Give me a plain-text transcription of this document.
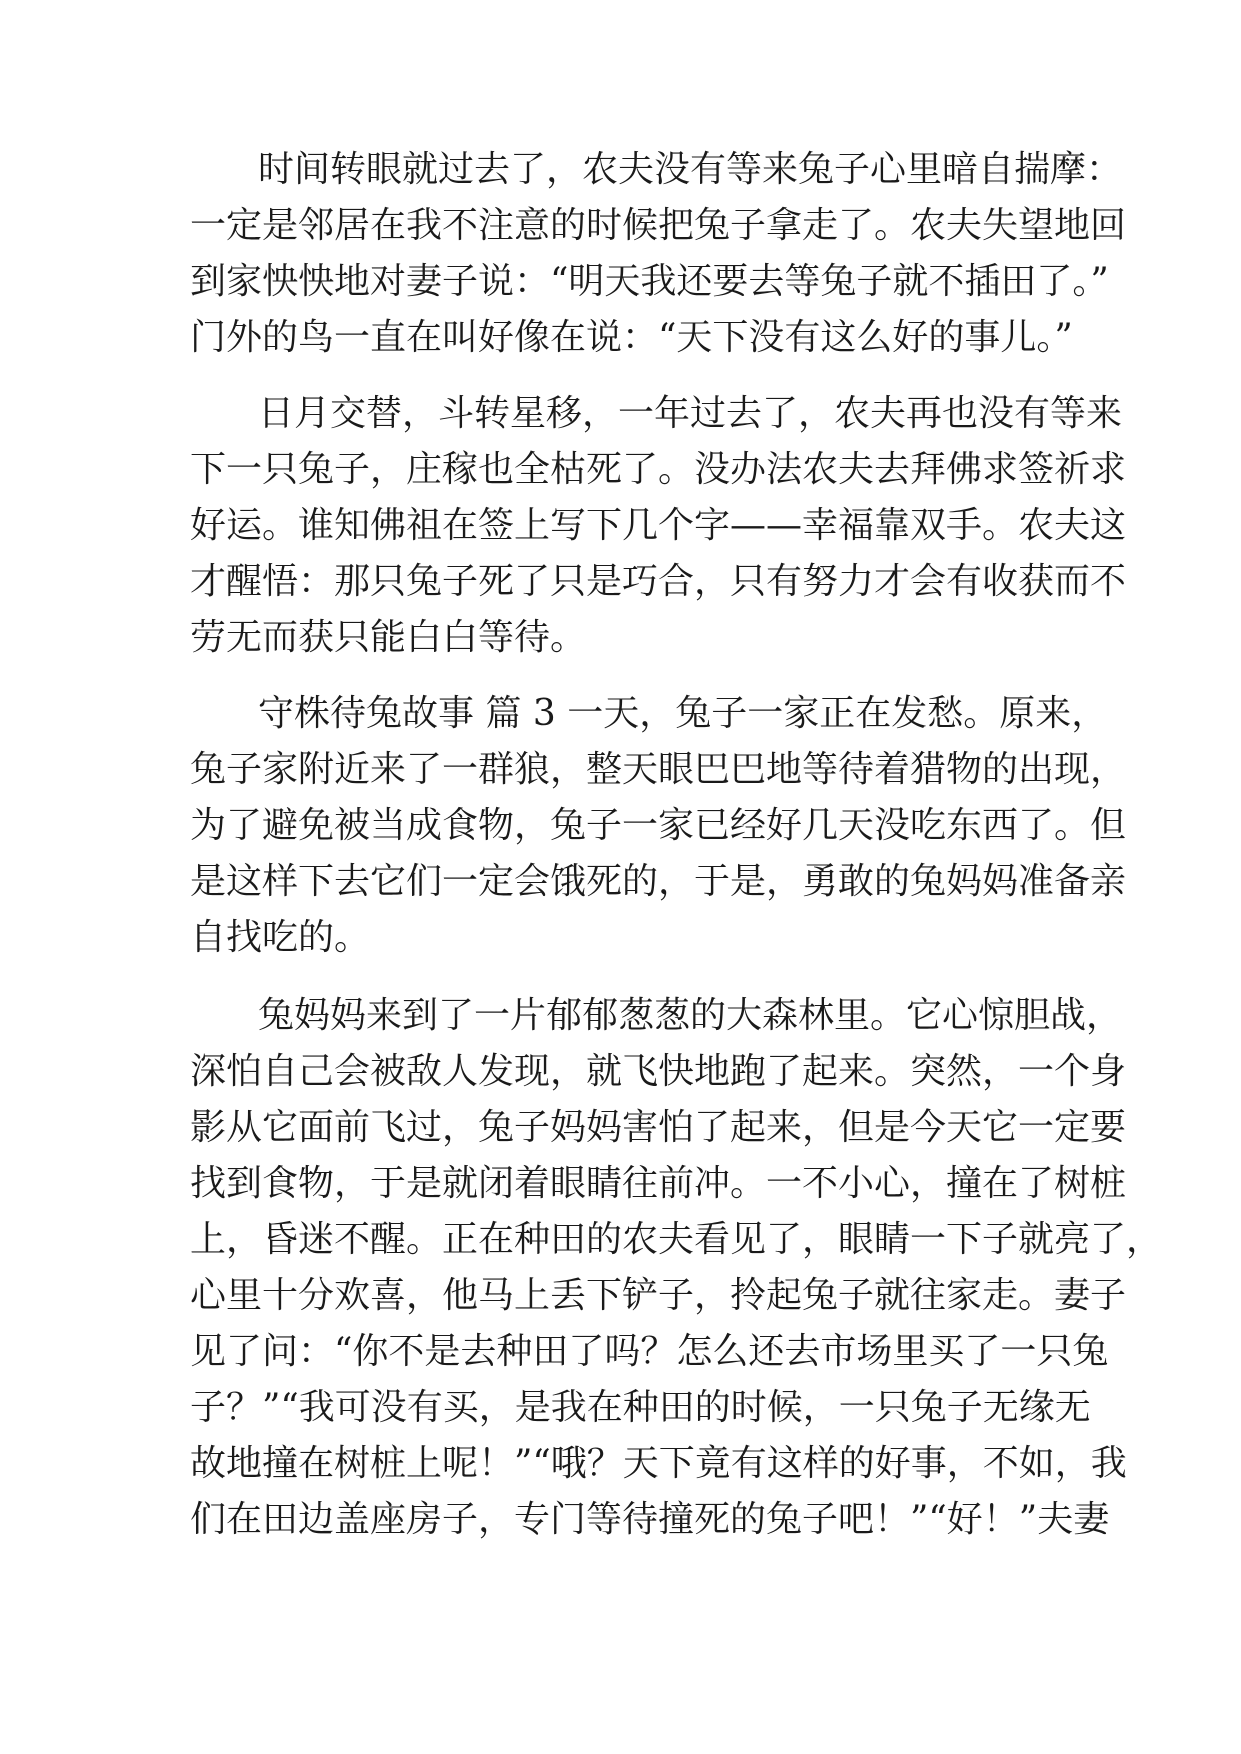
时间转眼就过去了，农夫没有等来兔子心里暗自揣摩：
一定是邻居在我不注意的时候把兔子拿走了。农夫失望地回
到家怏怏地对妻子说：“明天我还要去等兔子就不插田了。”
门外的鸟一直在叫好像在说：“天下没有这么好的事儿。”
日月交替，斗转星移，一年过去了，农夫再也没有等来
下一只兔子，庄稼也全枯死了。没办法农夫去拜佛求签祈求
好运。谁知佛祖在签上写下几个字——幸福靠双手。农夫这
才醒悟：那只兔子死了只是巧合，只有努力才会有收获而不
劳无而获只能白白等待。
守株待兔故事 篇 3 一天，兔子一家正在发愁。原来，
兔子家附近来了一群狼，整天眼巴巴地等待着猎物的出现，
为了避免被当成食物，兔子一家已经好几天没吃东西了。但
是这样下去它们一定会饿死的，于是，勇敢的兔妈妈准备亲
自找吃的。
兔妈妈来到了一片郁郁葱葱的大森林里。它心惊胆战，
深怕自己会被敌人发现，就飞快地跑了起来。突然，一个身
影从它面前飞过，兔子妈妈害怕了起来，但是今天它一定要
找到食物，于是就闭着眼睛往前冲。一不小心，撞在了树桩
上，昏迷不醒。正在种田的农夫看见了，眼睛一下子就亮了，
心里十分欢喜，他马上丢下铲子，拎起兔子就往家走。妻子
见了问：“你不是去种田了吗？怎么还去市场里买了一只兔
子？”“我可没有买，是我在种田的时候，一只兔子无缘无
故地撞在树桩上呢！”“哦？天下竟有这样的好事，不如，我
们在田边盖座房子，专门等待撞死的兔子吧！”“好！”夫妻
